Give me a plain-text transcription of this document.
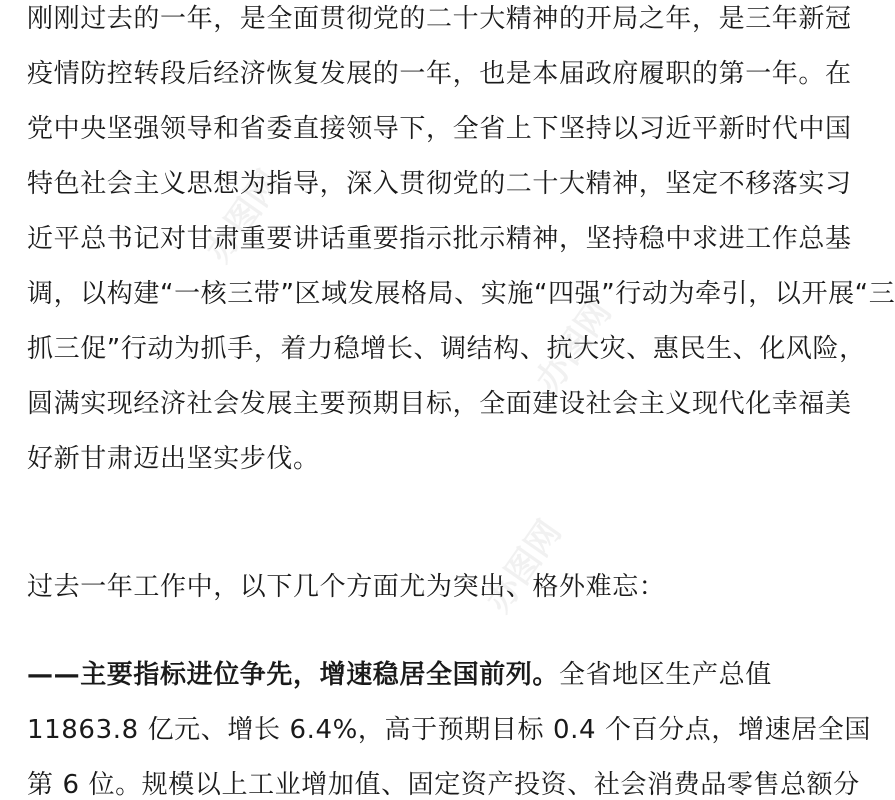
办图网
办图网
办图网
刚刚过去的一年，是全面贯彻党的二十大精神的开局之年，是三年新冠
疫情防控转段后经济恢复发展的一年，也是本届政府履职的第一年。在
党中央坚强领导和省委直接领导下，全省上下坚持以习近平新时代中国
特色社会主义思想为指导，深入贯彻党的二十大精神，坚定不移落实习
近平总书记对甘肃重要讲话重要指示批示精神，坚持稳中求进工作总基
调，以构建“一核三带”区域发展格局、实施“四强”行动为牵引，以开展“三
抓三促”行动为抓手，着力稳增长、调结构、抗大灾、惠民生、化风险，
圆满实现经济社会发展主要预期目标，全面建设社会主义现代化幸福美
好新甘肃迈出坚实步伐。
过去一年工作中，以下几个方面尤为突出、格外难忘：
——主要指标进位争先，增速稳居全国前列。全省地区生产总值
11863.8 亿元、增长 6.4%，高于预期目标 0.4 个百分点，增速居全国
第 6 位。规模以上工业增加值、固定资产投资、社会消费品零售总额分
